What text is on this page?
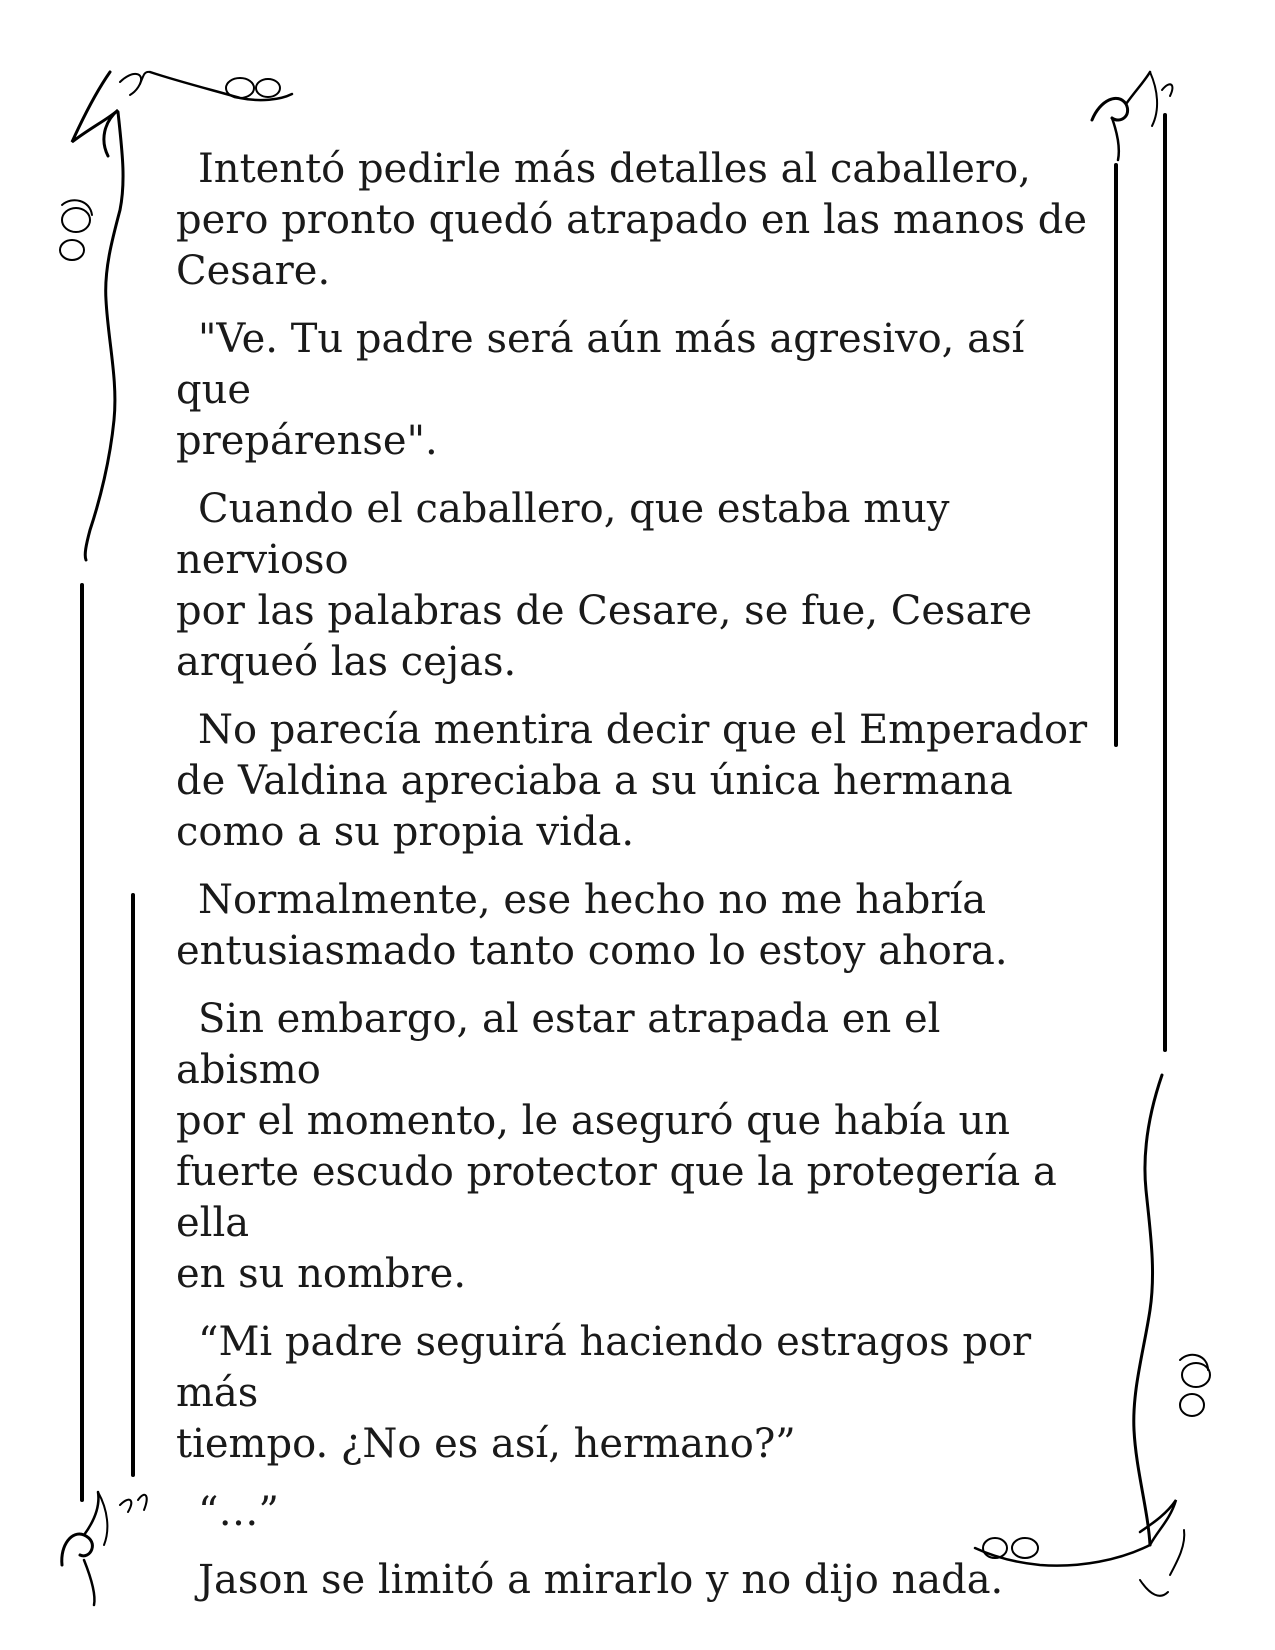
Intentó pedirle más detalles al caballero,
pero pronto quedó atrapado en las manos de
Cesare.

"Ve. Tu padre será aún más agresivo, así que
prepárense".

Cuando el caballero, que estaba muy nervioso
por las palabras de Cesare, se fue, Cesare
arqueó las cejas.

No parecía mentira decir que el Emperador
de Valdina apreciaba a su única hermana
como a su propia vida.

Normalmente, ese hecho no me habría
entusiasmado tanto como lo estoy ahora.

Sin embargo, al estar atrapada en el abismo
por el momento, le aseguró que había un
fuerte escudo protector que la protegería a ella
en su nombre.

“Mi padre seguirá haciendo estragos por más
tiempo. ¿No es así, hermano?”

“…”

Jason se limitó a mirarlo y no dijo nada.
